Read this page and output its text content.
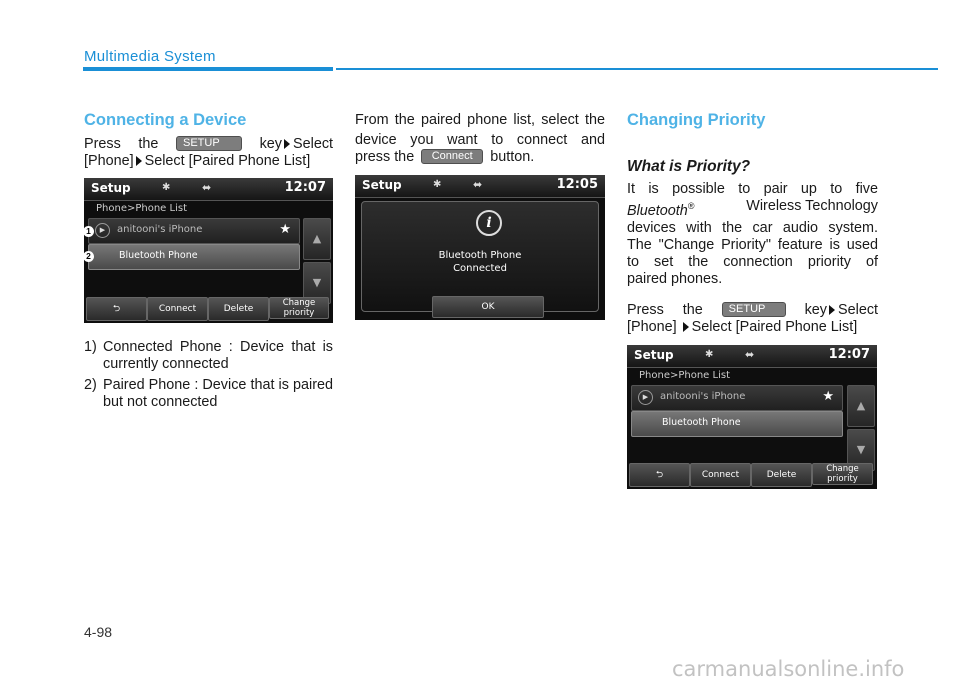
Multimedia System
Connecting a Device
Press the SETUP	key Select
[Phone] Select [Paired Phone List]
Setup	✱	⬌	12:07
Phone>Phone List
▶	anitooni's iPhone	★
Bluetooth Phone
▲
▼
1
2
⮌	Connect	Delete
Change
priority
1) Connected Phone : Device that is currently connected
2) Paired Phone : Device that is paired but not connected
From the paired phone list, select the
device you want to connect and
press the Connect button.
Setup	✱	⬌	12:05
i
Bluetooth Phone
Connected
OK
Changing Priority
What is Priority?
It is possible to pair up to five
Bluetooth®	Wireless Technology
devices with the car audio system.
The "Change Priority" feature is used
to set the connection priority of
paired phones.
Press the SETUP	key Select
[Phone] Select [Paired Phone List]
Setup	✱	⬌	12:07
Phone>Phone List
▶	anitooni's iPhone	★
Bluetooth Phone
▲
▼
⮌	Connect	Delete
Change
priority
4-98
carmanualsonline.info
